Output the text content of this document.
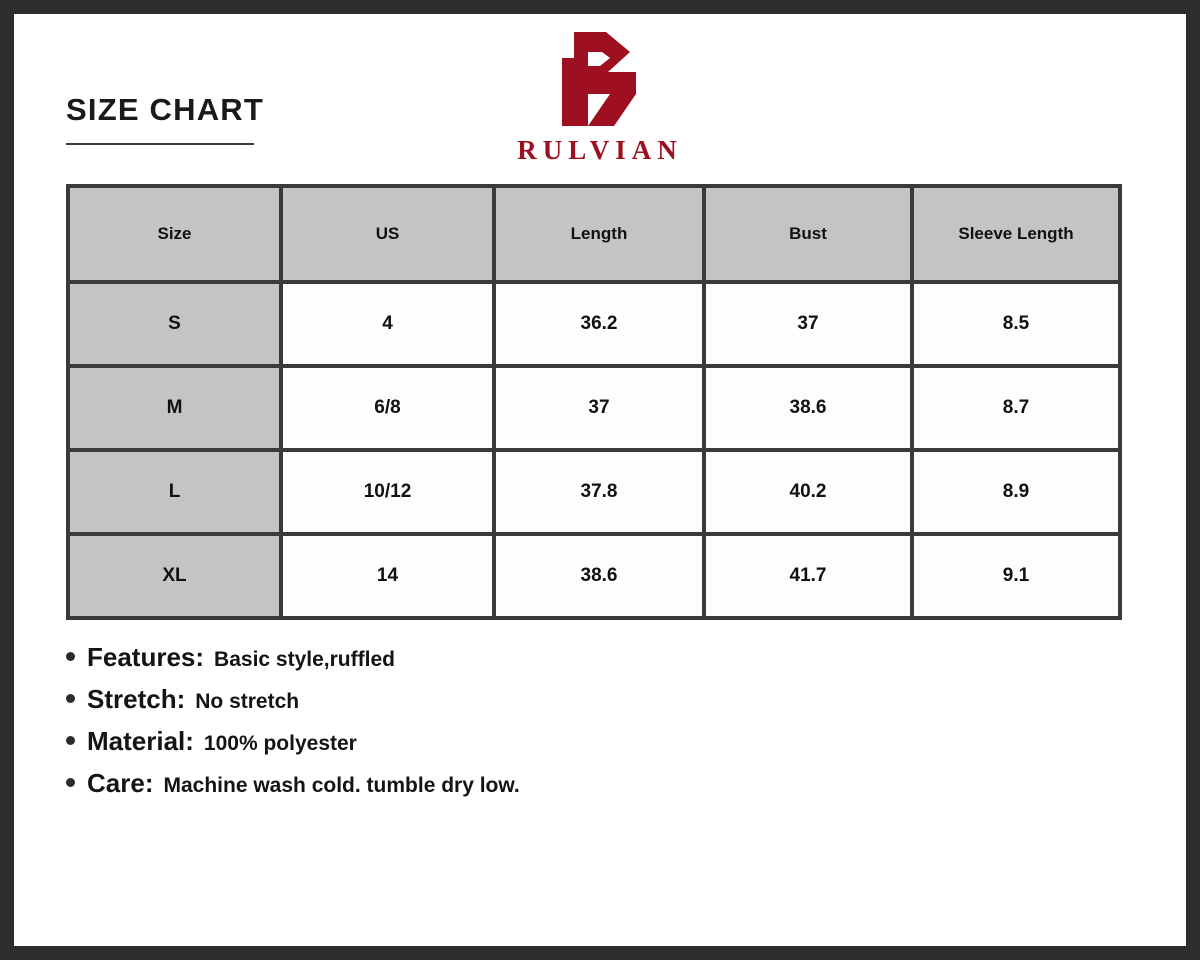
SIZE CHART
RULVIAN
Size	US	Length	Bust	Sleeve Length
S	4	36.2	37	8.5
M	6/8	37	38.6	8.7
L	10/12	37.8	40.2	8.9
XL	14	38.6	41.7	9.1
Features: Basic style,ruffled
Stretch: No stretch
Material: 100% polyester
Care: Machine wash cold. tumble dry low.
